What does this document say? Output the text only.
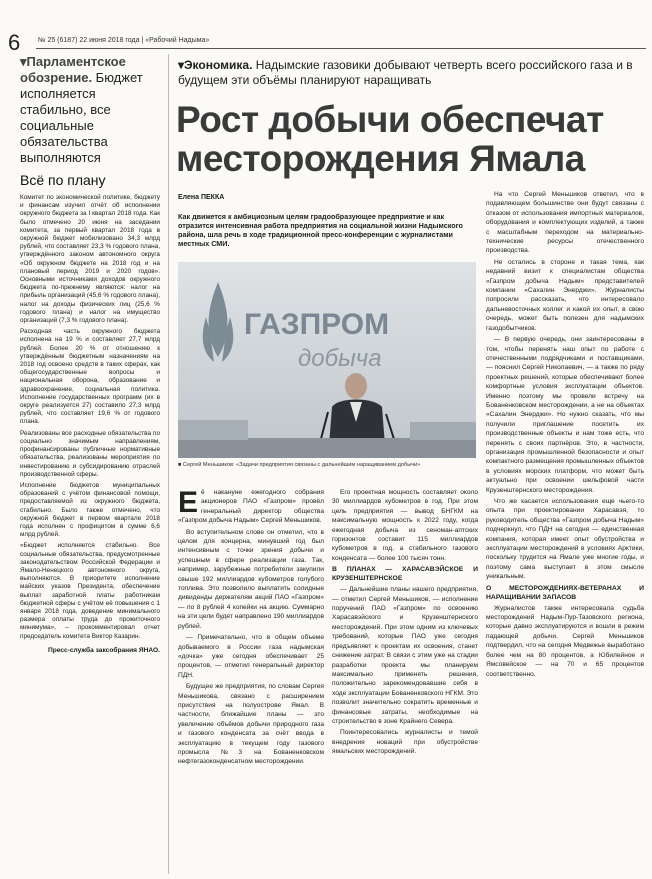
6	№ 25 (6187) 22 июня 2018 года | «Рабочий Надыма»
▾Парламентское обозрение. Бюджет исполняется стабильно, все социальные обязательства выполняются
Всё по плану

Комитет по экономической политике, бюджету и финансам изучил отчёт об исполнении окружного бюджета за I квартал 2018 года. Как было отмечено 20 июня на заседании комитета, за первый квартал 2018 года в окружной бюджет мобилизовано 34,3 млрд рублей, что составляет 23,3 % годового плана, утверждённого законом автономного округа «Об окружном бюджете на 2018 год и на плановый период 2019 и 2020 годов». Основными источниками доходов окружного бюджета по-прежнему являются: налог на прибыль организаций (45,6 % годового плана), налог на доходы физических лиц (25,6 % годового плана) и налог на имущество организаций (7,3 % годового плана).

Расходная часть окружного бюджета исполнена на 19 % и составляет 27,7 млрд рублей. Более 20 % от отношению к утверждённым бюджетным назначениям на 2018 год освоено средств в таких сферах, как общегосударственные вопросы и национальная оборона, образование и здравоохранение, социальная политика. Исполнение государственных программ (их в округе реализуется 27) составило 27,3 млрд рублей, что составляет 19,6 % от годового плана.

Реализованы все расходные обязательства по социально значимым направлениям, профинансированы публичные нормативные обязательства, реализованы мероприятия по инвестированию и субсидированию отраслей производственной сферы.

Исполнение бюджетов муниципальных образований с учётом финансовой помощи, предоставляемой из окружного бюджета, стабильно. Было также отмечено, что окружной бюджет в первом квартале 2018 года исполнен с профицитом в сумме 6,6 млрд рублей.

«Бюджет исполняется стабильно. Все социальные обязательства, предусмотренные законодательством Российской Федерации и Ямало-Ненецкого автономного округа, выполняются. В приоритете исполнение майских указов Президента, обеспечение выплат заработной платы работникам бюджетной сферы с учётом её повышения с 1 января 2018 года, доведение минимального размера оплаты труда до прожиточного минимума», – прокомментировал отчет председатель комитета Виктор Казарин.

Пресс-служба заксобрания ЯНАО.
▾Экономика. Надымские газовики добывают четверть всего российского газа и в будущем эти объёмы планируют наращивать
Рост добычи обеспечат месторождения Ямала
Елена ПЕККА
Как движется к амбициозным целям градообразующее предприятие и как отразится интенсивная работа предприятия на социальной жизни Надымского района, шла речь в ходе традиционной пресс-конференции с журналистами местных СМИ.
ГАЗПРОМ
добыча
■ Сергей Меньшиков: «Задачи предприятия связаны с дальнейшим наращиванием добычи»

Её накануне ежегодного собрания акционеров ПАО «Газпром» провёл генеральный директор общества «Газпром добыча Надым» Сергей Меньшиков.

Во вступительном слове он отметил, что в целом для концерна, минувший год был интенсивным с точки зрения добычи и успешным в сфере реализации газа. Так, например, зарубежные потребители закупили свыше 192 миллиардов кубометров голубого топлива. Это позволило выплатить солидные дивиденды держателям акций ПАО «Газпром» — по 8 рублей 4 копейки на акцию. Суммарно на эти цели будет направлено 190 миллиардов рублей.

— Примечательно, что в общем объеме добываемого в России газа надымская «дочка» уже сегодня обеспечивает 25 процентов, — отметил генеральный директор ПДН.

Будущее же предприятия, по словам Сергея Меньшикова, связано с расширением присутствия на полуострове Ямал. В частности, ближайшие планы — это увеличение объёмов добычи природного газа и газового конденсата за счёт ввода в эксплуатацию в текущем году газового промысла №3 на Бованенковском нефтегазоконденсатном месторождении.

Его проектная мощность составляет около 30 миллиардов кубометров в год. При этом цель предприятия — вывод БНГКМ на максимальную мощность к 2022 году, когда ежегодная добыча из сеноман-аптских горизонтов составит 115 миллиардов кубометров в год, а стабильного газового конденсата — более 100 тысяч тонн.

В ПЛАНАХ — ХАРАСАВЭЙСКОЕ И КРУЗЕНШТЕРНСКОЕ

— Дальнейшие планы нашего предприятия, — отметил Сергей Меньшиков, — исполнение поручений ПАО «Газпром» по освоению Харасавэйского и Крузенштернского месторождений. При этом одним из ключевых требований, которые ПАО уже сегодня предъявляет к проектам их освоения, станет снижение затрат. В связи с этим уже на стадии разработки проекта мы планируем максимально применять решения, положительно зарекомендовавшие себя в ходе эксплуатации Бованенковского НГКМ. Это позволит значительно сократить временные и финансовые затраты, необходимые на строительство в зоне Крайнего Севера.

Поинтересовались журналисты и темой внедрения новаций при обустройстве ямальских месторождений.

На что Сергей Меньшиков ответил, что в подавляющем большинстве они будут связаны с отказом от использования импортных материалов, оборудования и комплектующих изделий, а также с масштабным переходом на материально-технические ресурсы отечественного производства.

Не остались в стороне и такая тема, как недавний визит к специалистам общества «Газпром добыча Надым» представителей компании «Сахалин Энерджи». Журналисты попросили рассказать, что интересовало дальневосточных коллег и какой их опыт, в свою очередь, может быть полезен для надымских газодобытчиков.

— В первую очередь, они заинтересованы в том, чтобы перенять наш опыт по работе с отечественными подрядчиками и поставщиками, — пояснил Сергей Николаевич, — а также по ряду проектных решений, которые обеспечивают более комфортные условия эксплуатации объектов. Именно поэтому мы провели встречу на Бованенковском месторождении, а не на объектах «Сахалин Энерджи». Но нужно сказать, что мы получили приглашение посетить их производственные объекты и нам тоже есть, что перенять с своих партнёров. Это, в частности, организация промышленной безопасности и опыт компактного размещения промышленных объектов в условиях морских платформ, что может быть актуально при освоении шельфовой части Крузенштернского месторождения.

Что же касается использования еще чьего-то опыта при проектировании Харасавэя, то руководитель общества «Газпром добыча Надым» подчеркнул, что ПДН на сегодня — единственная компания, которая имеет опыт обустройства и эксплуатации месторождений в условиях Арктики, поскольку трудится на Ямале уже многие годы, и поэтому сама выступает в этом смысле уникальным.

О МЕСТОРОЖДЕНИЯХ-ВЕТЕРАНАХ И НАРАЩИВАНИИ ЗАПАСОВ

Журналистов также интересовала судьба месторождений Надым-Пур-Тазовского региона, которые давно эксплуатируются и вошли в режим падающей добычи. Сергей Меньшиков подтвердил, что на сегодня Медвежье выработано более чем на 80 процентов, а Юбилейное и Ямсовейское — на 70 и 65 процентов соответственно.
